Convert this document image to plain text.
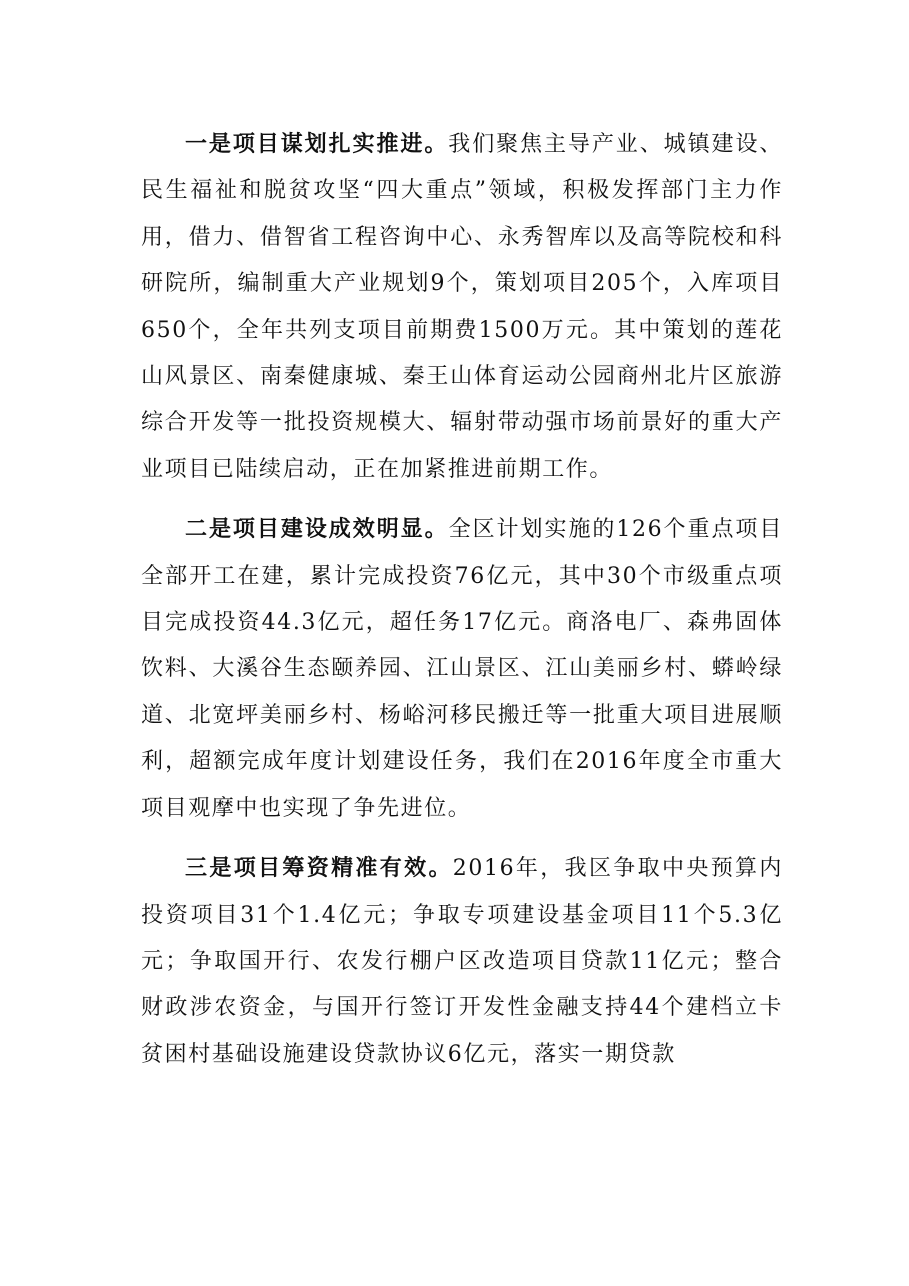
一是项目谋划扎实推进。我们聚焦主导产业、城镇建设、民生福祉和脱贫攻坚“四大重点”领域，积极发挥部门主力作用，借力、借智省工程咨询中心、永秀智库以及高等院校和科研院所，编制重大产业规划9个，策划项目205个，入库项目650个，全年共列支项目前期费1500万元。其中策划的莲花山风景区、南秦健康城、秦王山体育运动公园商州北片区旅游综合开发等一批投资规模大、辐射带动强市场前景好的重大产业项目已陆续启动，正在加紧推进前期工作。

二是项目建设成效明显。全区计划实施的126个重点项目全部开工在建，累计完成投资76亿元，其中30个市级重点项目完成投资44.3亿元，超任务17亿元。商洛电厂、森弗固体饮料、大溪谷生态颐养园、江山景区、江山美丽乡村、蟒岭绿道、北宽坪美丽乡村、杨峪河移民搬迁等一批重大项目进展顺利，超额完成年度计划建设任务，我们在2016年度全市重大项目观摩中也实现了争先进位。

三是项目筹资精准有效。2016年，我区争取中央预算内投资项目31个1.4亿元；争取专项建设基金项目11个5.3亿元；争取国开行、农发行棚户区改造项目贷款11亿元；整合财政涉农资金，与国开行签订开发性金融支持44个建档立卡贫困村基础设施建设贷款协议6亿元，落实一期贷款
